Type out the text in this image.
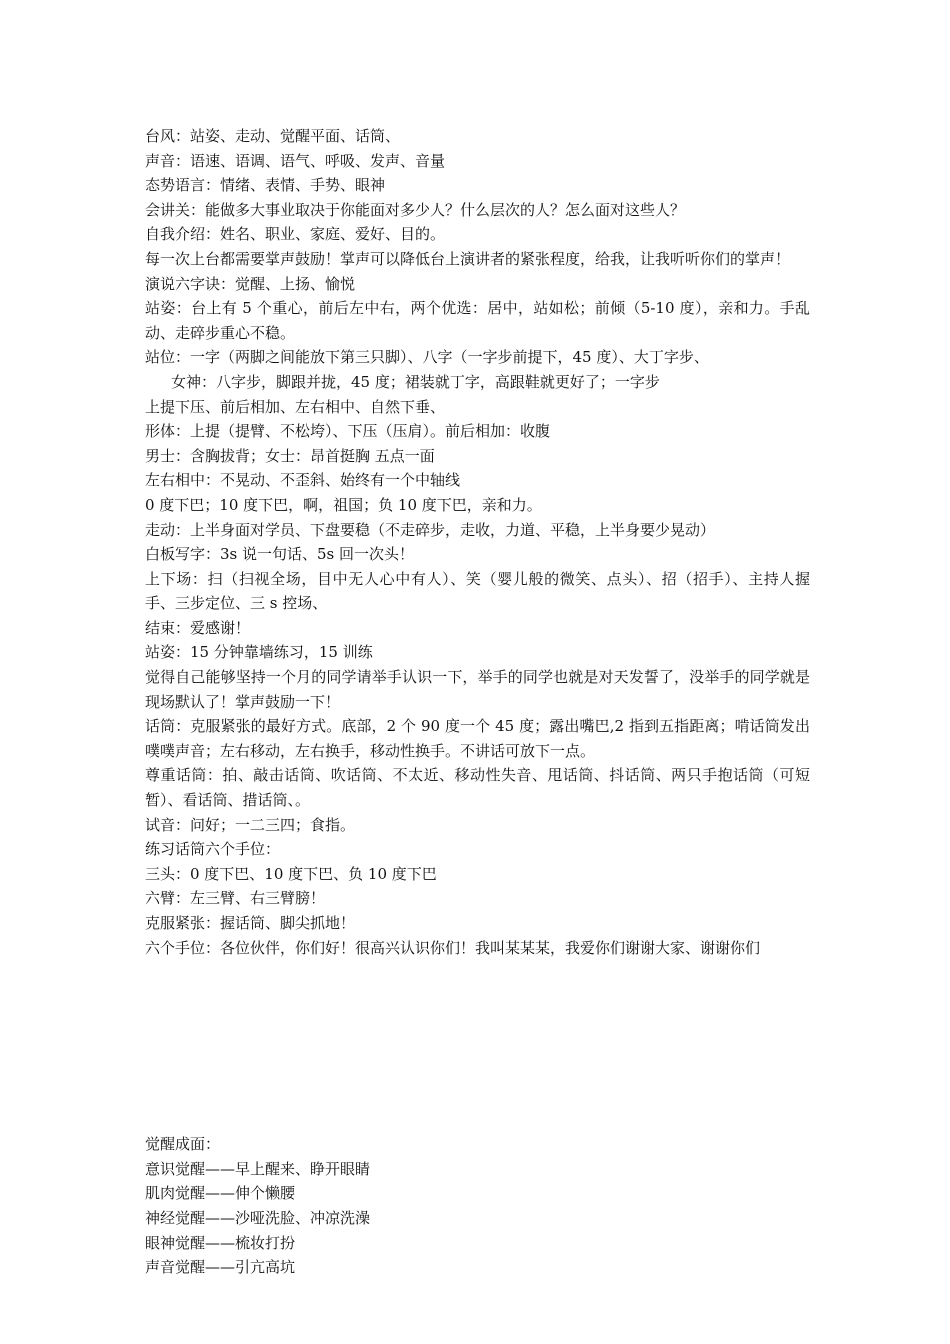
台风：站姿、走动、觉醒平面、话筒、

声音：语速、语调、语气、呼吸、发声、音量

态势语言：情绪、表情、手势、眼神

会讲关：能做多大事业取决于你能面对多少人？什么层次的人？怎么面对这些人？

自我介绍：姓名、职业、家庭、爱好、目的。

每一次上台都需要掌声鼓励！掌声可以降低台上演讲者的紧张程度，给我，让我听听你们的掌声！

演说六字诀：觉醒、上扬、愉悦

站姿：台上有 5 个重心，前后左中右，两个优选：居中，站如松；前倾（5-10 度），亲和力。手乱动、走碎步重心不稳。

站位：一字（两脚之间能放下第三只脚）、八字（一字步前提下，45 度）、大丁字步、

女神：八字步，脚跟并拢，45 度；裙装就丁字，高跟鞋就更好了；一字步

上提下压、前后相加、左右相中、自然下垂、

形体：上提（提臂、不松垮）、下压（压肩）。前后相加：收腹

男士：含胸拔背；女士：昂首挺胸 五点一面

左右相中：不晃动、不歪斜、始终有一个中轴线

0 度下巴；10 度下巴，啊，祖国；负 10 度下巴，亲和力。

走动：上半身面对学员、下盘要稳（不走碎步，走收，力道、平稳，上半身要少晃动）

白板写字：3s 说一句话、5s 回一次头！

上下场：扫（扫视全场，目中无人心中有人）、笑（婴儿般的微笑、点头）、招（招手）、主持人握手、三步定位、三 s 控场、

结束：爱感谢！

站姿：15 分钟靠墙练习，15 训练

觉得自己能够坚持一个月的同学请举手认识一下，举手的同学也就是对天发誓了，没举手的同学就是现场默认了！掌声鼓励一下！

话筒：克服紧张的最好方式。底部，2 个 90 度一个 45 度；露出嘴巴,2 指到五指距离；啃话筒发出噗噗声音；左右移动，左右换手，移动性换手。不讲话可放下一点。

尊重话筒：拍、敲击话筒、吹话筒、不太近、移动性失音、甩话筒、抖话筒、两只手抱话筒（可短暂）、看话筒、措话筒、。

试音：问好；一二三四；食指。

练习话筒六个手位：

三头：0 度下巴、10 度下巴、负 10 度下巴

六臂：左三臂、右三臂膀！

克服紧张：握话筒、脚尖抓地！

六个手位：各位伙伴，你们好！很高兴认识你们！我叫某某某，我爱你们谢谢大家、谢谢你们

觉醒成面：

意识觉醒——早上醒来、睁开眼睛

肌肉觉醒——伸个懒腰

神经觉醒——沙哑洗脸、冲凉洗澡

眼神觉醒——梳妆打扮

声音觉醒——引亢高坑
